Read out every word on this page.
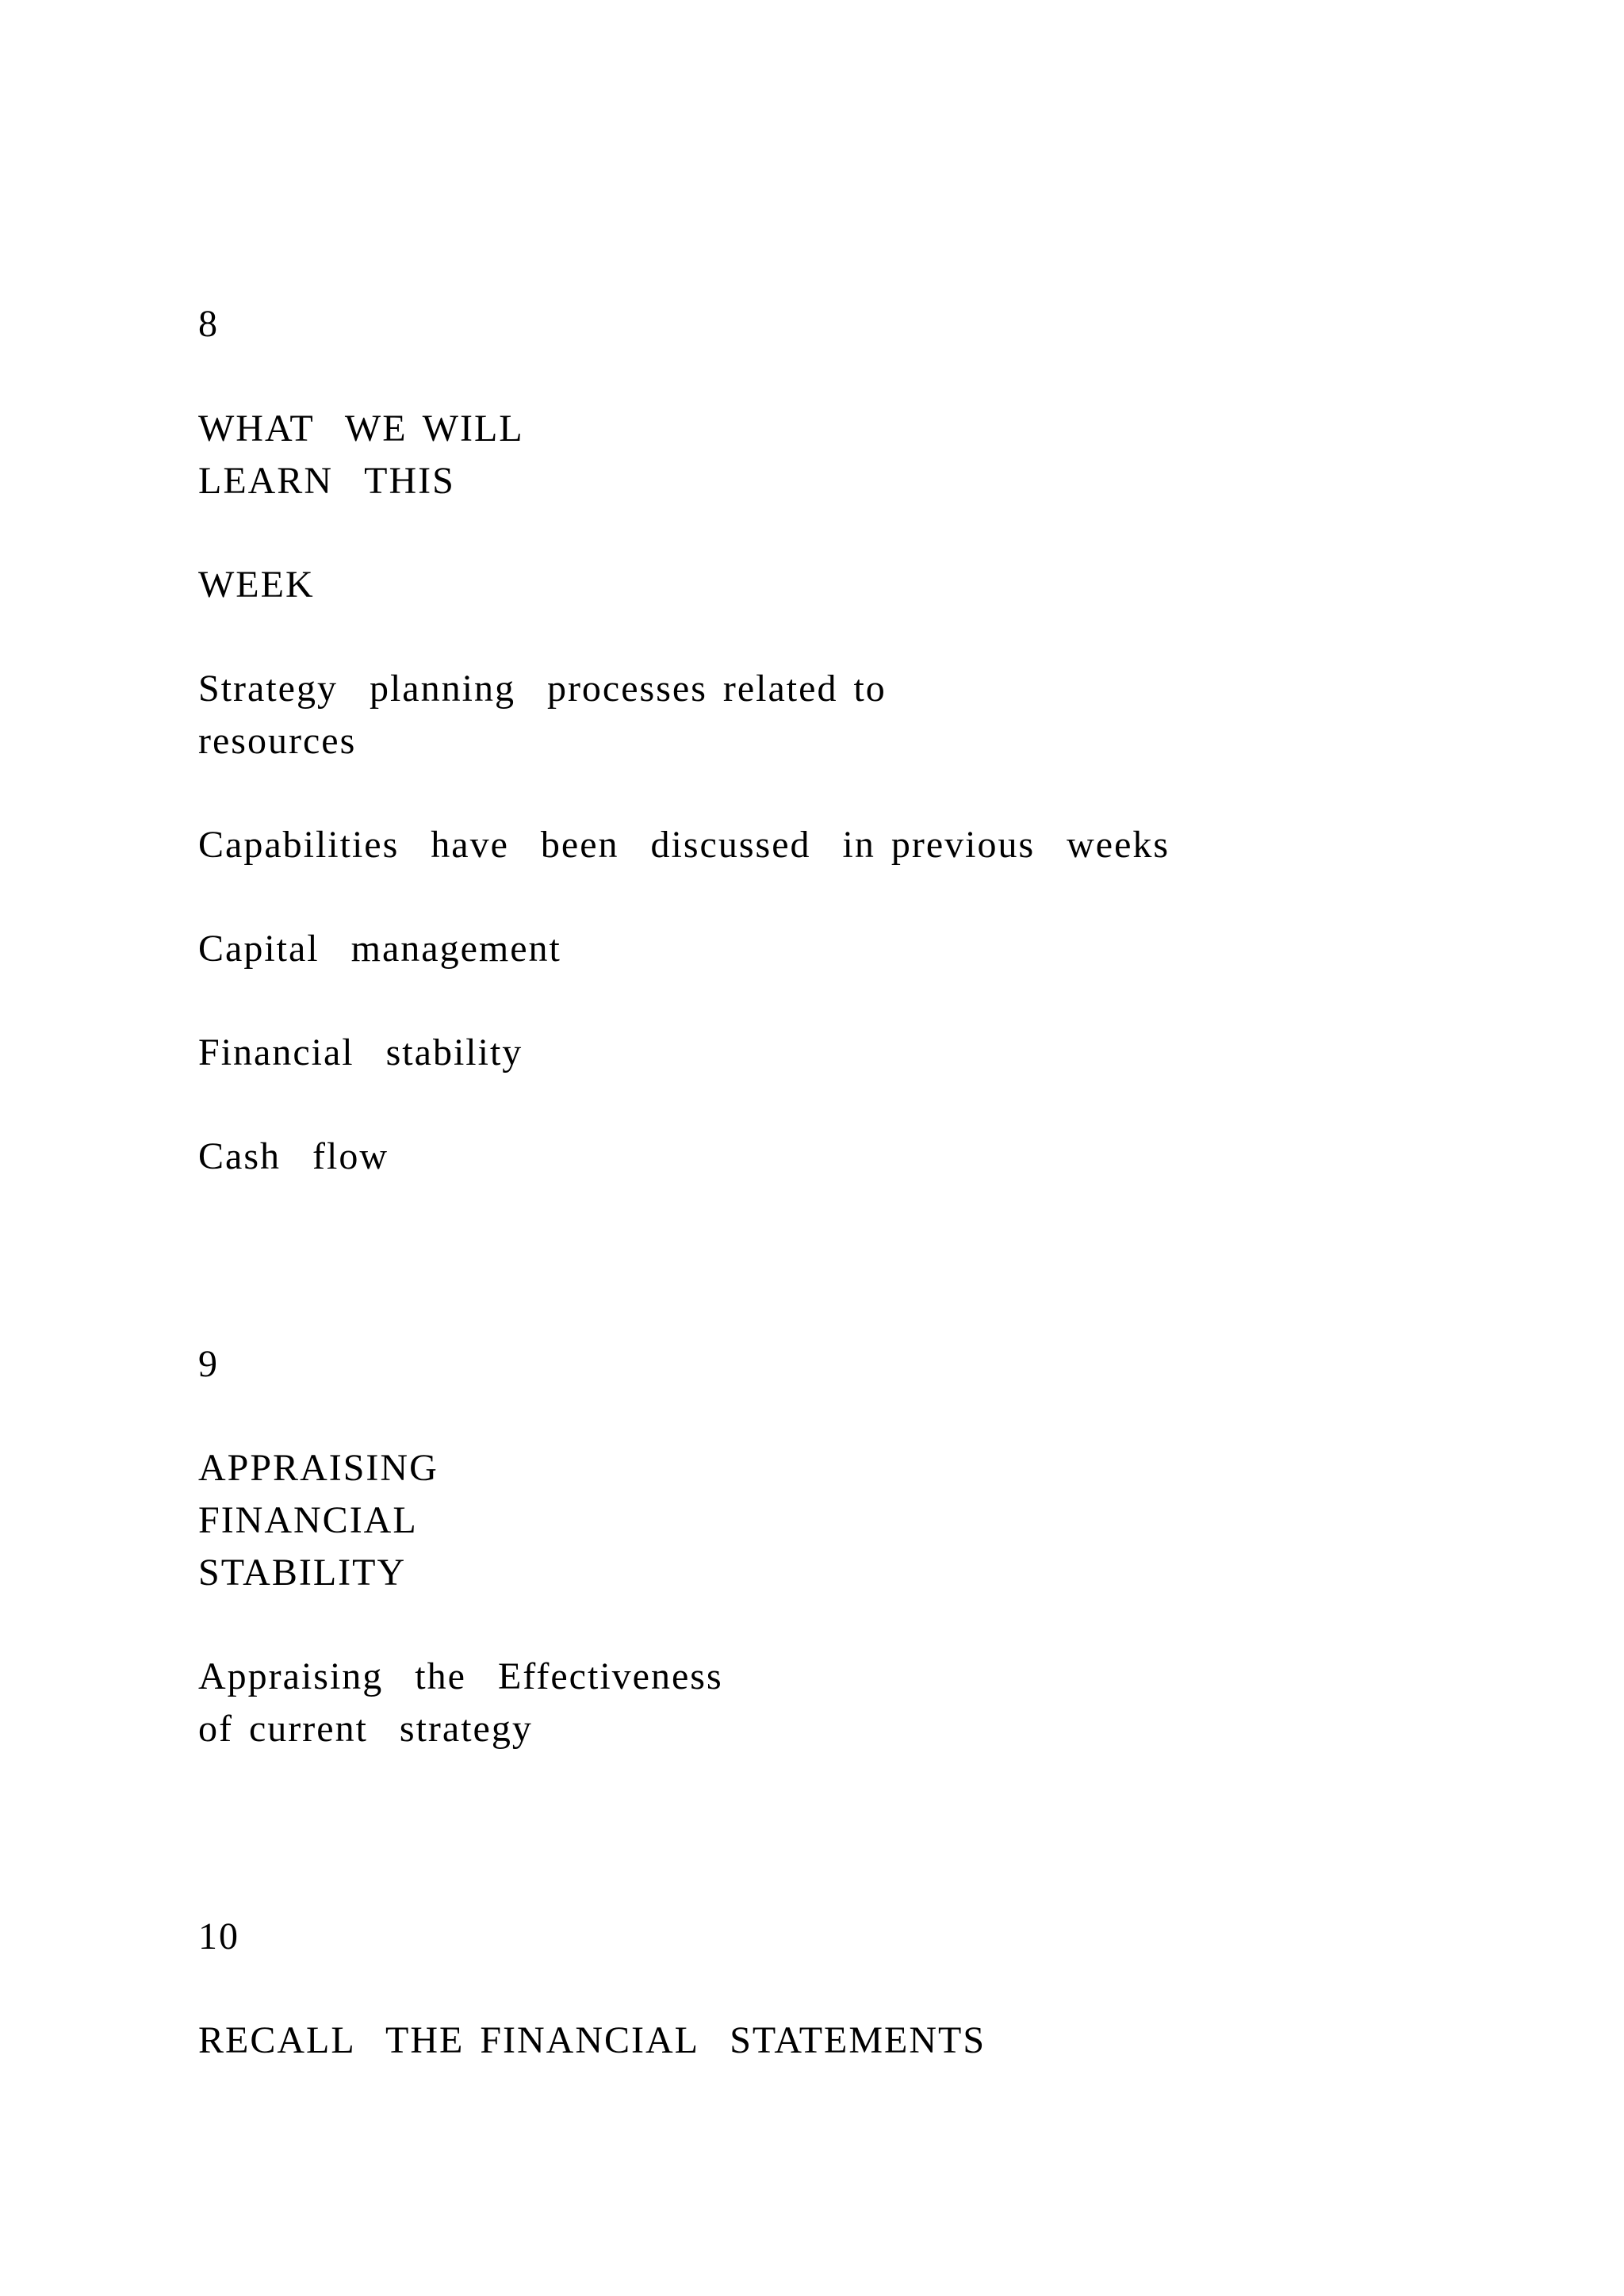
8
WHAT  WE WILL
LEARN  THIS
WEEK
Strategy  planning  processes related to
resources
Capabilities  have  been  discussed  in previous  weeks
Capital  management
Financial  stability
Cash  flow
9
APPRAISING
FINANCIAL
STABILITY
Appraising  the  Effectiveness
of current  strategy
10
RECALL  THE FINANCIAL  STATEMENTS
